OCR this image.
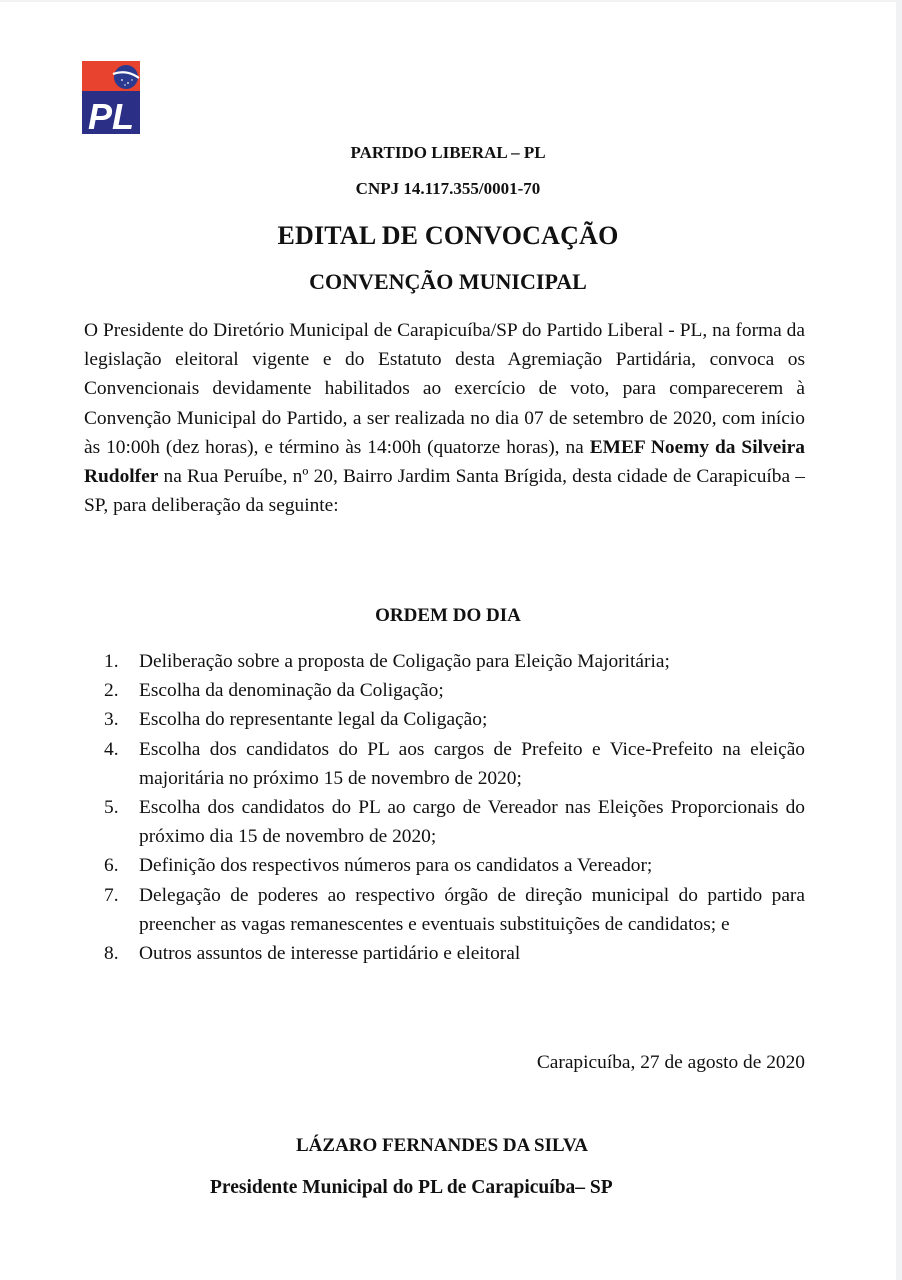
PL
PARTIDO LIBERAL – PL
CNPJ 14.117.355/0001-70
EDITAL DE CONVOCAÇÃO
CONVENÇÃO MUNICIPAL
O Presidente do Diretório Municipal de Carapicuíba/SP do Partido Liberal - PL, na forma da legislação eleitoral vigente e do Estatuto desta Agremiação Partidária, convoca os Convencionais devidamente habilitados ao exercício de voto, para comparecerem à Convenção Municipal do Partido, a ser realizada no dia 07 de setembro de 2020, com início às 10:00h (dez horas), e término às 14:00h (quatorze horas), na EMEF Noemy da Silveira Rudolfer na Rua Peruíbe, nº 20, Bairro Jardim Santa Brígida, desta cidade de Carapicuíba – SP, para deliberação da seguinte:
ORDEM DO DIA
1. Deliberação sobre a proposta de Coligação para Eleição Majoritária;
2. Escolha da denominação da Coligação;
3. Escolha do representante legal da Coligação;
4. Escolha dos candidatos do PL aos cargos de Prefeito e Vice-Prefeito na eleição majoritária no próximo 15 de novembro de 2020;
5. Escolha dos candidatos do PL ao cargo de Vereador nas Eleições Proporcionais do próximo dia 15 de novembro de 2020;
6. Definição dos respectivos números para os candidatos a Vereador;
7. Delegação de poderes ao respectivo órgão de direção municipal do partido para preencher as vagas remanescentes e eventuais substituições de candidatos; e
8. Outros assuntos de interesse partidário e eleitoral
Carapicuíba, 27 de agosto de 2020
LÁZARO FERNANDES DA SILVA
Presidente Municipal do PL de Carapicuíba– SP
